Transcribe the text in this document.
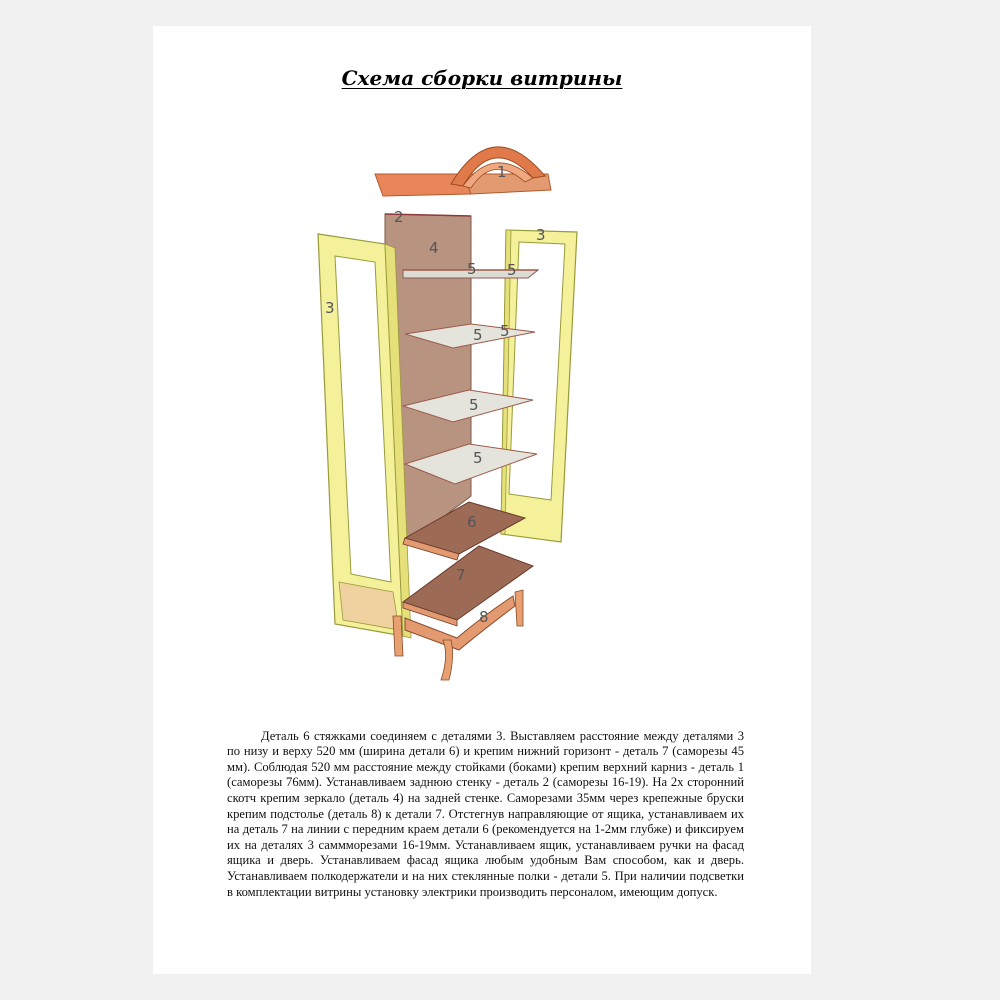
Схема сборки витрины
1
2
4
3
3
5 5
5 5
5
5
6
7
8

Деталь 6 стяжками соединяем с деталями 3. Выставляем расстояние между деталями 3 по низу и верху 520 мм (ширина детали 6) и крепим нижний горизонт - деталь 7 (саморезы 45 мм). Соблюдая 520 мм расстояние между стойками (боками) крепим верхний карниз - деталь 1 (саморезы 76мм). Устанавливаем заднюю стенку - деталь 2 (саморезы 16-19). На 2х сторонний скотч крепим зеркало (деталь 4) на задней стенке. Саморезами 35мм через крепежные бруски крепим подстолье (деталь 8) к детали 7. Отстегнув направляющие от ящика, устанавливаем их на деталь 7 на линии с передним краем детали 6 (рекомендуется на 1-2мм глубже) и фиксируем их на деталях 3 саммморезами 16-19мм. Устанавливаем ящик, устанавливаем ручки на фасад ящика и дверь. Устанавливаем фасад ящика любым удобным Вам способом, как и дверь. Устанавливаем полкодержатели и на них стеклянные полки - детали 5. При наличии подсветки в комплектации витрины установку электрики производить персоналом, имеющим допуск.
